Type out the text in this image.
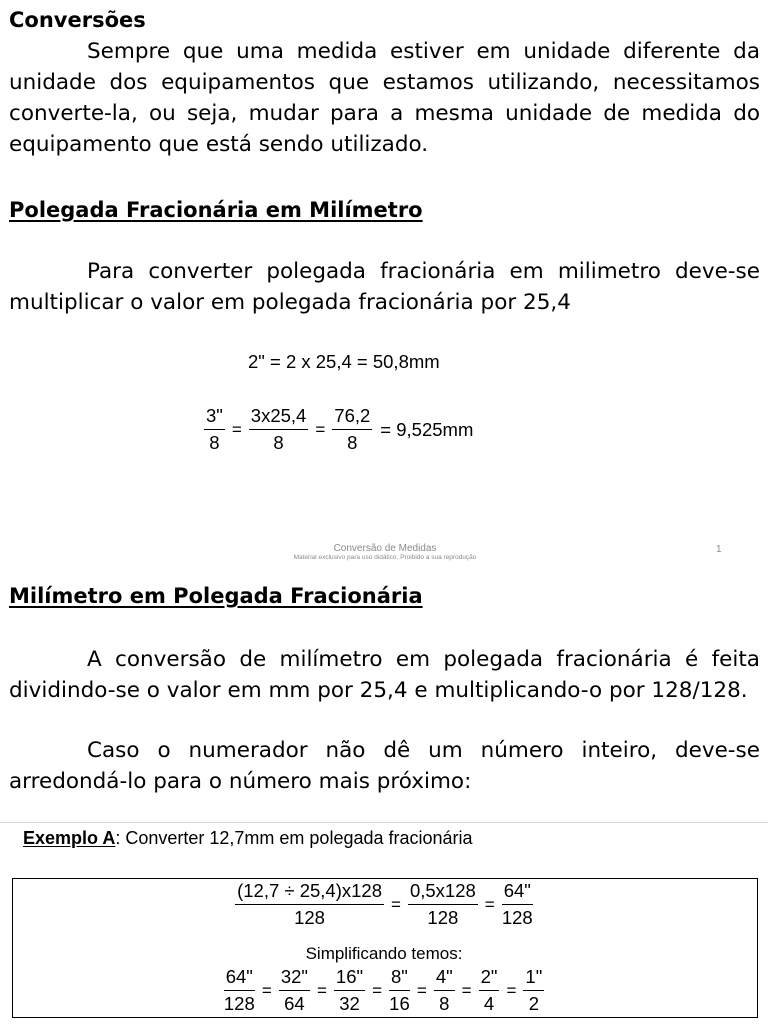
Conversões

Sempre que uma medida estiver em unidade diferente da unidade dos equipamentos que estamos utilizando, necessitamos converte-la, ou seja, mudar para a mesma unidade de medida do equipamento que está sendo utilizado.

Polegada Fracionária em Milímetro

Para converter polegada fracionária em milimetro deve-se multiplicar o valor em polegada fracionária por 25,4

2" = 2 x 25,4 = 50,8mm
$\frac{3"}{8} = \frac{3x25,4}{8} = \frac{76,2}{8} = 9,525mm$
Conversão de Medidas
Material exclusivo para uso didático. Proibido a sua reprodução
1
Milímetro em Polegada Fracionária

A conversão de milímetro em polegada fracionária é feita dividindo-se o valor em mm por 25,4 e multiplicando-o por 128/128.

Caso o numerador não dê um número inteiro, deve-se arredondá-lo para o número mais próximo:

Exemplo A: Converter 12,7mm em polegada fracionária
$\frac{(12,7 \div 25,4)x128}{128} = \frac{0,5x128}{128} = \frac{64"}{128}$
Simplificando temos:
$\frac{64"}{128} = \frac{32"}{64} = \frac{16"}{32} = \frac{8"}{16} = \frac{4"}{8} = \frac{2"}{4} = \frac{1"}{2}$
